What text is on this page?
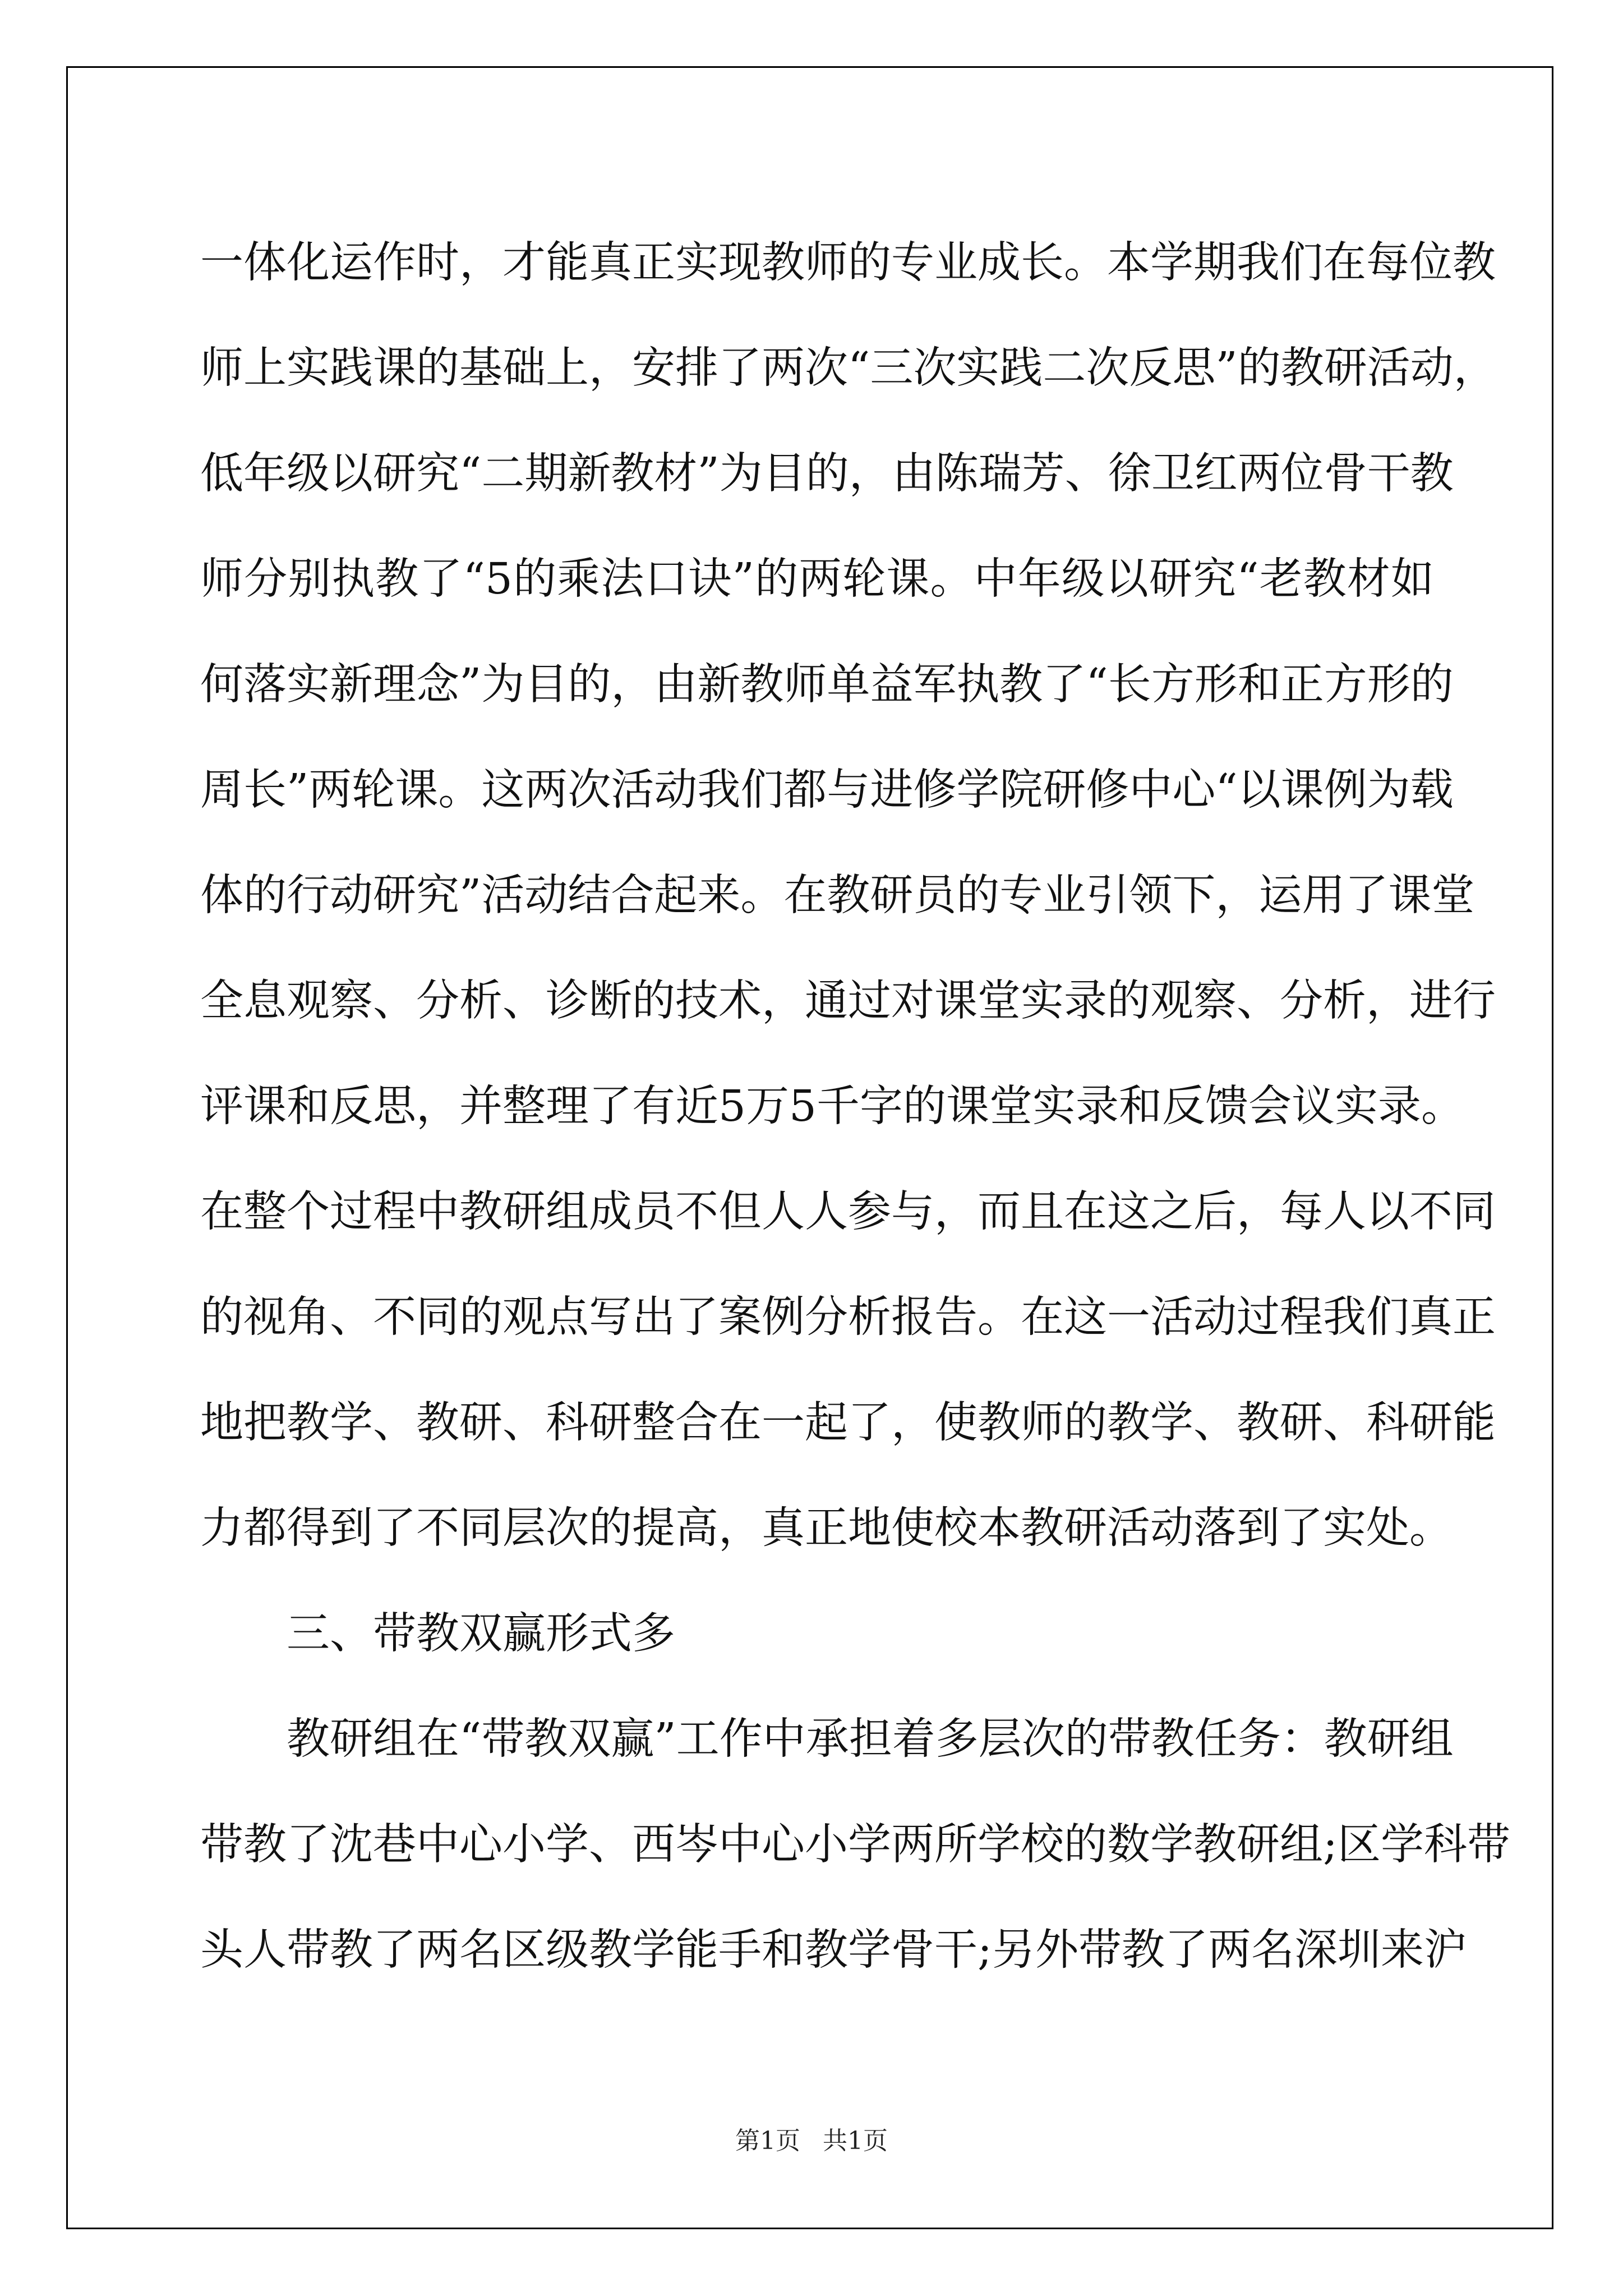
一体化运作时，才能真正实现教师的专业成长。本学期我们在每位教
师上实践课的基础上，安排了两次“三次实践二次反思”的教研活动，
低年级以研究“二期新教材”为目的，由陈瑞芳、徐卫红两位骨干教
师分别执教了“5的乘法口诀”的两轮课。中年级以研究“老教材如
何落实新理念”为目的，由新教师单益军执教了“长方形和正方形的
周长”两轮课。这两次活动我们都与进修学院研修中心“以课例为载
体的行动研究”活动结合起来。在教研员的专业引领下，运用了课堂
全息观察、分析、诊断的技术，通过对课堂实录的观察、分析，进行
评课和反思，并整理了有近5万5千字的课堂实录和反馈会议实录。
在整个过程中教研组成员不但人人参与，而且在这之后，每人以不同
的视角、不同的观点写出了案例分析报告。在这一活动过程我们真正
地把教学、教研、科研整合在一起了，使教师的教学、教研、科研能
力都得到了不同层次的提高，真正地使校本教研活动落到了实处。
三、带教双赢形式多
教研组在“带教双赢”工作中承担着多层次的带教任务：教研组
带教了沈巷中心小学、西岑中心小学两所学校的数学教研组;区学科带
头人带教了两名区级教学能手和教学骨干;另外带教了两名深圳来沪
第1页 共1页
